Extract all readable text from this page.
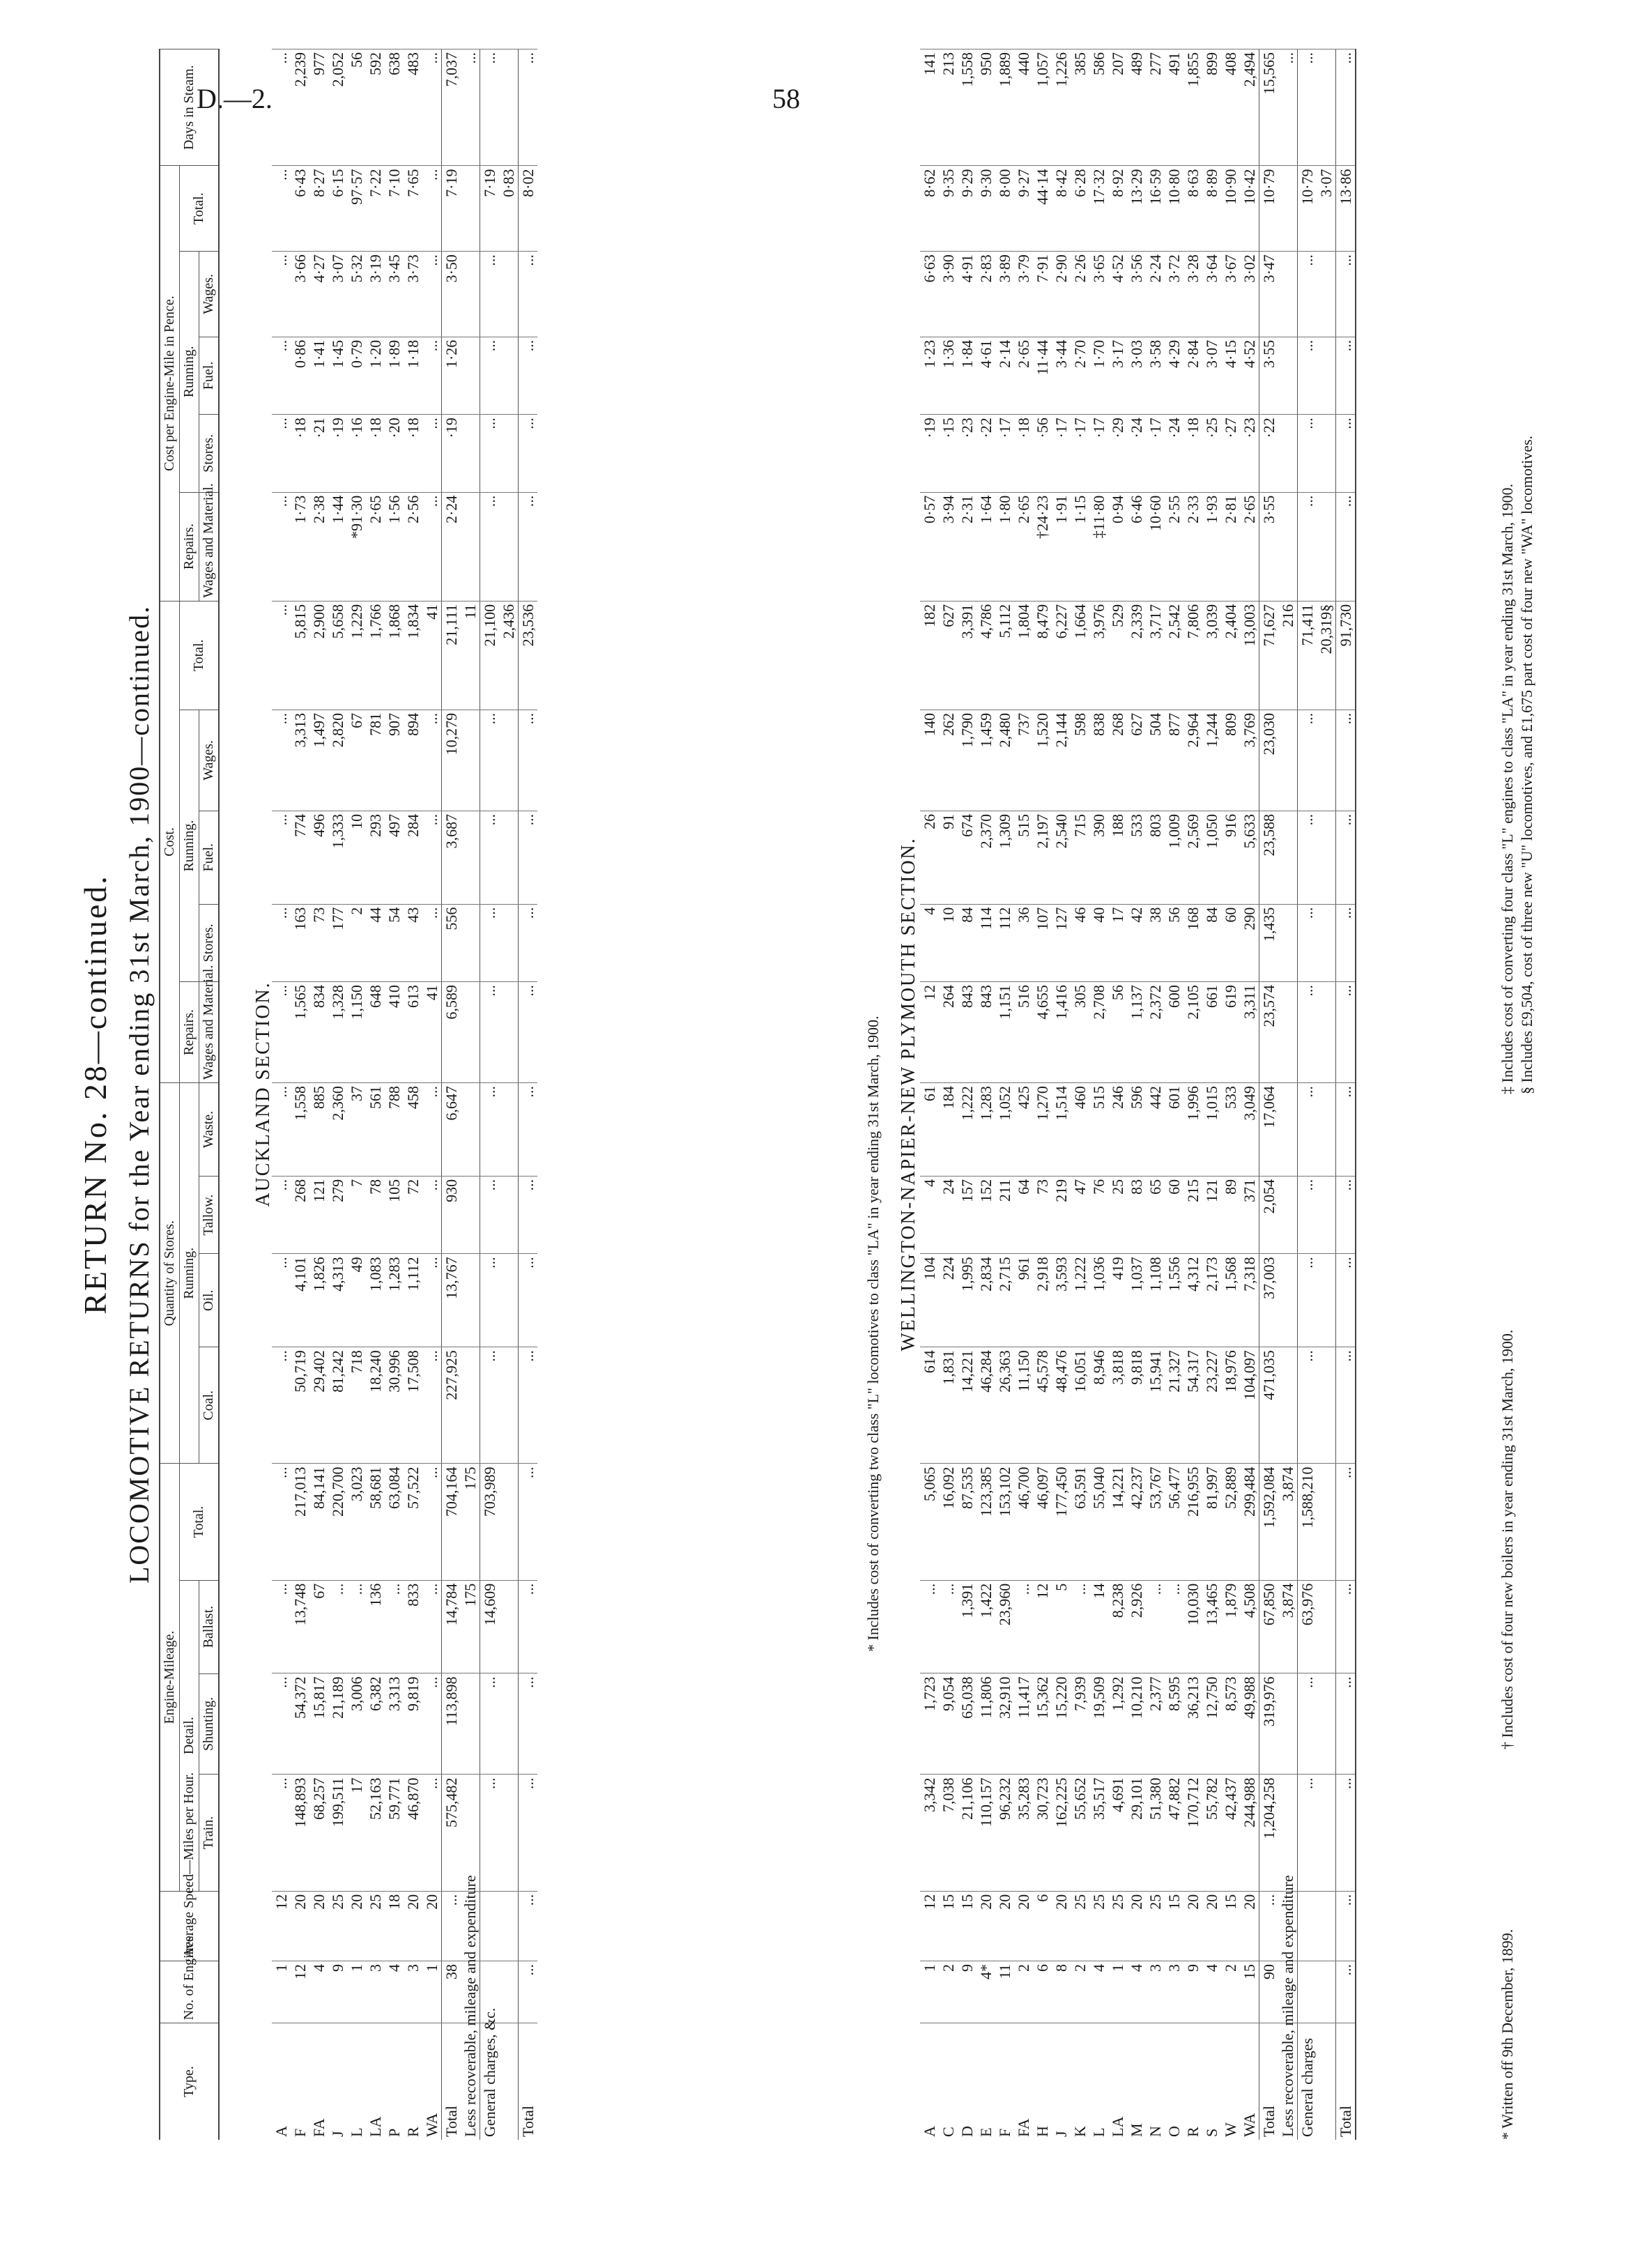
D.—2.	58
RETURN No. 28—continued. LOCOMOTIVE RETURNS for the Year ending 31st March, 1900—continued.
Type.	No. of Engines.	Average Speed—Miles per Hour.	Engine-Mileage.				Quantity of Stores.				Cost.					Cost per Engine-Mile in Pence.					Days in Steam.
			Detail.			Total.	Running.				Repairs.	Running.			Total.	Repairs.	Running.			Total.	
			Train.	Shunting.	Ballast.		Coal.	Oil.	Tallow.	Waste.	Wages and Material.	Stores.	Fuel.	Wages.		Wages and Material.	Stores.	Fuel.	Wages.		
AUCKLAND SECTION.
A	1	12	...	...	...	...	...	...	...	...	...	...	...	...	...	...	...	...	...	...	...
F	12	20	148,893	54,372	13,748	217,013	50,719	4,101	268	1,558	1,565	163	774	3,313	5,815	1·73	·18	0·86	3·66	6·43	2,239
FA	4	20	68,257	15,817	67	84,141	29,402	1,826	121	885	834	73	496	1,497	2,900	2·38	·21	1·41	4·27	8·27	977
J	9	25	199,511	21,189	...	220,700	81,242	4,313	279	2,360	1,328	177	1,333	2,820	5,658	1·44	·19	1·45	3·07	6·15	2,052
L	1	20	17	3,006	...	3,023	718	49	7	37	1,150	2	10	67	1,229	*91·30	·16	0·79	5·32	97·57	56
LA	3	25	52,163	6,382	136	58,681	18,240	1,083	78	561	648	44	293	781	1,766	2·65	·18	1·20	3·19	7·22	592
P	4	18	59,771	3,313	...	63,084	30,996	1,283	105	788	410	54	497	907	1,868	1·56	·20	1·89	3·45	7·10	638
R	3	20	46,870	9,819	833	57,522	17,508	1,112	72	458	613	43	284	894	1,834	2·56	·18	1·18	3·73	7·65	483
WA	1	20	...	...	...	...	...	...	...	...	41	...	...	...	41	...	...	...	...	...	...
Total	38	...	575,482	113,898	14,784	704,164	227,925	13,767	930	6,647	6,589	556	3,687	10,279	21,111	2·24	·19	1·26	3·50	7·19	7,037
Less recoverable, mileage and expenditure					175	175									11						...
General charges, &c.			...	...	14,609	703,989	...	...	...	...	...	...	...	...	21,100	...	...	...	...	7·19	...
															2,436					0·83	
Total	...	...	...	...	...	...	...	...	...	...	...	...	...	...	23,536	...	...	...	...	8·02	...
* Includes cost of converting two class "L" locomotives to class "LA" in year ending 31st March, 1900. WELLINGTON-NAPIER-NEW PLYMOUTH SECTION.
A	1	12	3,342	1,723	...	5,065	614	104	4	61	12	4	26	140	182	0·57	·19	1·23	6·63	8·62	141
C	2	15	7,038	9,054	...	16,092	1,831	224	24	184	264	10	91	262	627	3·94	·15	1·36	3·90	9·35	213
D	9	15	21,106	65,038	1,391	87,535	14,221	1,995	157	1,222	843	84	674	1,790	3,391	2·31	·23	1·84	4·91	9·29	1,558
E	4*	20	110,157	11,806	1,422	123,385	46,284	2,834	152	1,283	843	114	2,370	1,459	4,786	1·64	·22	4·61	2·83	9·30	950
F	11	20	96,232	32,910	23,960	153,102	26,363	2,715	211	1,052	1,151	112	1,309	2,480	5,112	1·80	·17	2·14	3·89	8·00	1,889
FA	2	20	35,283	11,417	...	46,700	11,150	961	64	425	516	36	515	737	1,804	2·65	·18	2·65	3·79	9·27	440
H	6	6	30,723	15,362	12	46,097	45,578	2,918	73	1,270	4,655	107	2,197	1,520	8,479	†24·23	·56	11·44	7·91	44·14	1,057
J	8	20	162,225	15,220	5	177,450	48,476	3,593	219	1,514	1,416	127	2,540	2,144	6,227	1·91	·17	3·44	2·90	8·42	1,226
K	2	25	55,652	7,939	...	63,591	16,051	1,222	47	460	305	46	715	598	1,664	1·15	·17	2·70	2·26	6·28	385
L	4	25	35,517	19,509	14	55,040	8,946	1,036	76	515	2,708	40	390	838	3,976	‡11·80	·17	1·70	3·65	17·32	586
LA	1	25	4,691	1,292	8,238	14,221	3,818	419	25	246	56	17	188	268	529	0·94	·29	3·17	4·52	8·92	207
M	4	20	29,101	10,210	2,926	42,237	9,818	1,037	83	596	1,137	42	533	627	2,339	6·46	·24	3·03	3·56	13·29	489
N	3	25	51,380	2,377	...	53,767	15,941	1,108	65	442	2,372	38	803	504	3,717	10·60	·17	3·58	2·24	16·59	277
O	3	15	47,882	8,595	...	56,477	21,327	1,556	60	601	600	56	1,009	877	2,542	2·55	·24	4·29	3·72	10·80	491
R	9	20	170,712	36,213	10,030	216,955	54,317	4,312	215	1,996	2,105	168	2,569	2,964	7,806	2·33	·18	2·84	3·28	8·63	1,855
S	4	20	55,782	12,750	13,465	81,997	23,227	2,173	121	1,015	661	84	1,050	1,244	3,039	1·93	·25	3·07	3·64	8·89	899
W	2	15	42,437	8,573	1,879	52,889	18,976	1,568	89	533	619	60	916	809	2,404	2·81	·27	4·15	3·67	10·90	408
WA	15	20	244,988	49,988	4,508	299,484	104,097	7,318	371	3,049	3,311	290	5,633	3,769	13,003	2·65	·23	4·52	3·02	10·42	2,494
Total	90	...	1,204,258	319,976	67,850	1,592,084	471,035	37,003	2,054	17,064	23,574	1,435	23,588	23,030	71,627	3·55	·22	3·55	3·47	10·79	15,565
Less recoverable, mileage and expenditure					3,874	3,874									216						...
General charges			...	...	63,976	1,588,210	...	...	...	...	...	...	...	...	71,411	...	...	...	...	10·79	...
															20,319§					3·07	
Total	...	...	...	...	...	...	...	...	...	...	...	...	...	...	91,730	...	...	...	...	13·86	...
* Written off 9th December, 1899.
† Includes cost of four new boilers in year ending 31st March, 1900.
‡ Includes cost of converting four class "L" engines to class "LA" in year ending 31st March, 1900. § Includes £9,504, cost of three new "U" locomotives, and £1,675 part cost of four new "WA" locomotives.
